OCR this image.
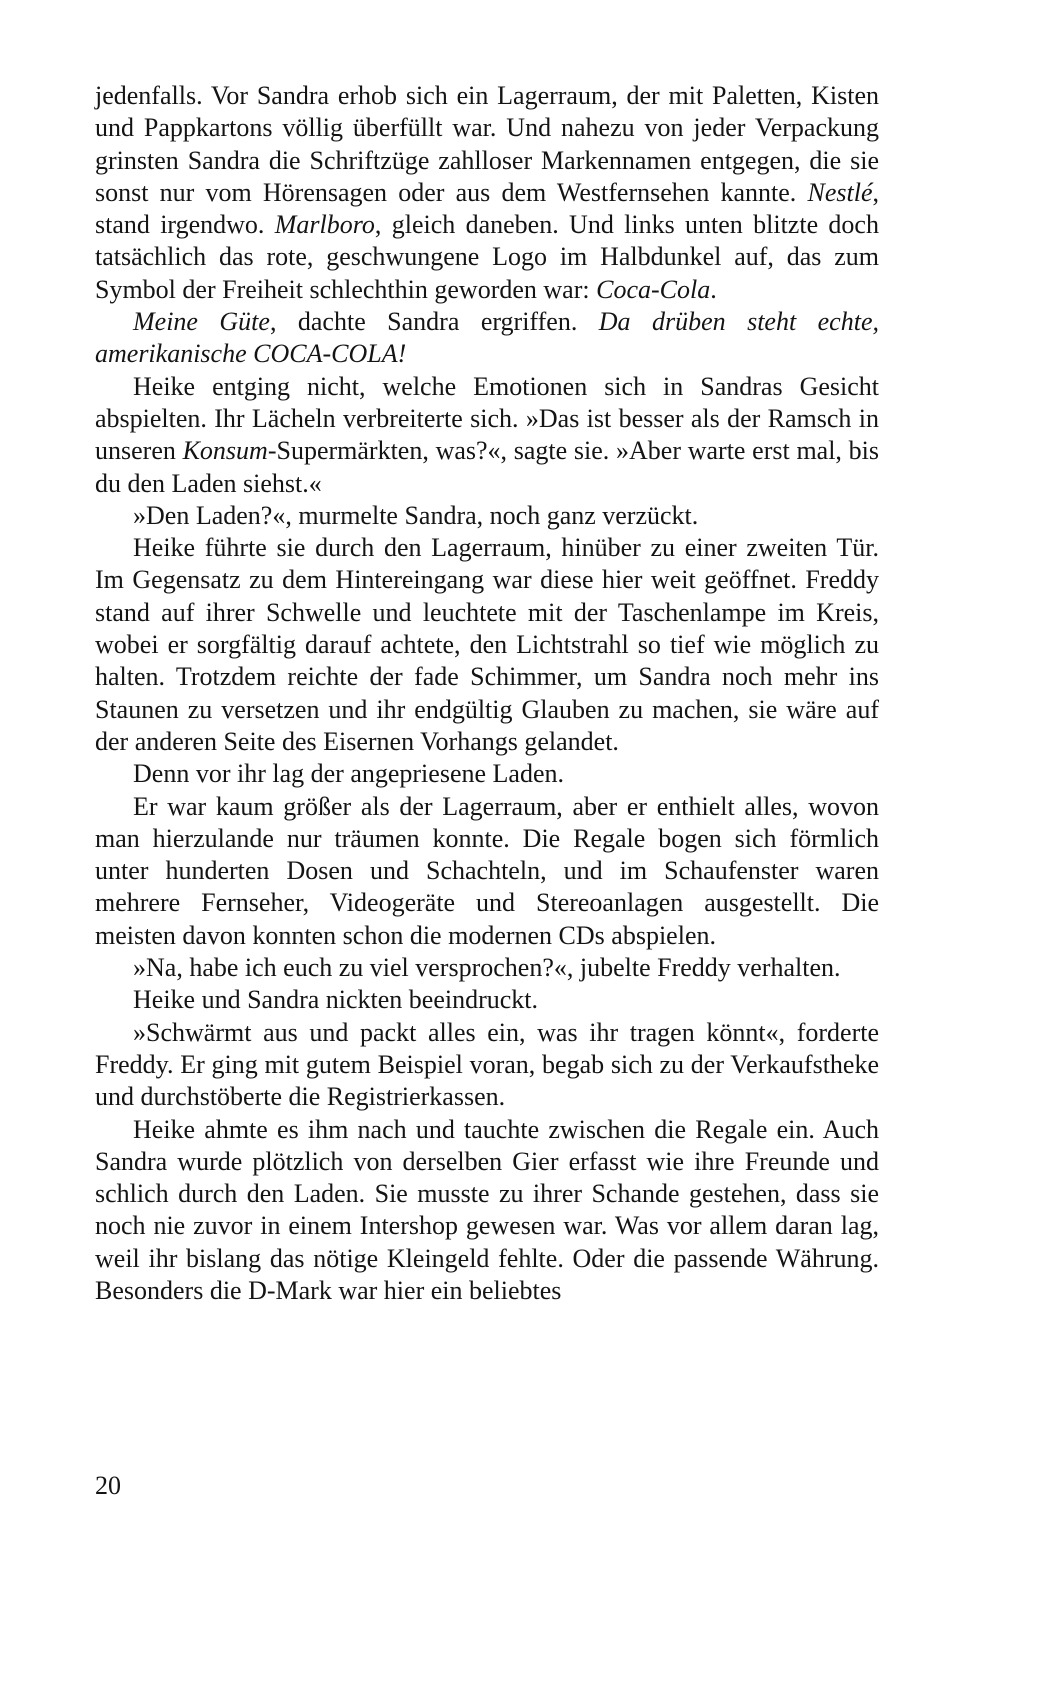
jedenfalls. Vor Sandra erhob sich ein Lagerraum, der mit Paletten, Kisten und Pappkartons völlig überfüllt war. Und nahezu von jeder Verpackung grinsten Sandra die Schriftzüge zahlloser Markennamen entgegen, die sie sonst nur vom Hörensagen oder aus dem Westfernsehen kannte. Nestlé, stand irgendwo. Marlboro, gleich daneben. Und links unten blitzte doch tatsächlich das rote, geschwungene Logo im Halbdunkel auf, das zum Symbol der Freiheit schlechthin geworden war: Coca-Cola.

Meine Güte, dachte Sandra ergriffen. Da drüben steht echte, amerikanische COCA-COLA!

Heike entging nicht, welche Emotionen sich in Sandras Gesicht abspielten. Ihr Lächeln verbreiterte sich. »Das ist besser als der Ramsch in unseren Konsum-Supermärkten, was?«, sagte sie. »Aber warte erst mal, bis du den Laden siehst.«

»Den Laden?«, murmelte Sandra, noch ganz verzückt.

Heike führte sie durch den Lagerraum, hinüber zu einer zweiten Tür. Im Gegensatz zu dem Hintereingang war diese hier weit geöffnet. Freddy stand auf ihrer Schwelle und leuchtete mit der Taschenlampe im Kreis, wobei er sorgfältig darauf achtete, den Lichtstrahl so tief wie möglich zu halten. Trotzdem reichte der fade Schimmer, um Sandra noch mehr ins Staunen zu versetzen und ihr endgültig Glauben zu machen, sie wäre auf der anderen Seite des Eisernen Vorhangs gelandet.

Denn vor ihr lag der angepriesene Laden.

Er war kaum größer als der Lagerraum, aber er enthielt alles, wovon man hierzulande nur träumen konnte. Die Regale bogen sich förmlich unter hunderten Dosen und Schachteln, und im Schaufenster waren mehrere Fernseher, Videogeräte und Stereoanlagen ausgestellt. Die meisten davon konnten schon die modernen CDs abspielen.

»Na, habe ich euch zu viel versprochen?«, jubelte Freddy verhalten.

Heike und Sandra nickten beeindruckt.

»Schwärmt aus und packt alles ein, was ihr tragen könnt«, forderte Freddy. Er ging mit gutem Beispiel voran, begab sich zu der Verkaufstheke und durchstöberte die Registrierkassen.

Heike ahmte es ihm nach und tauchte zwischen die Regale ein. Auch Sandra wurde plötzlich von derselben Gier erfasst wie ihre Freunde und schlich durch den Laden. Sie musste zu ihrer Schande gestehen, dass sie noch nie zuvor in einem Intershop gewesen war. Was vor allem daran lag, weil ihr bislang das nötige Kleingeld fehlte. Oder die passende Währung. Besonders die D-Mark war hier ein beliebtes

20
